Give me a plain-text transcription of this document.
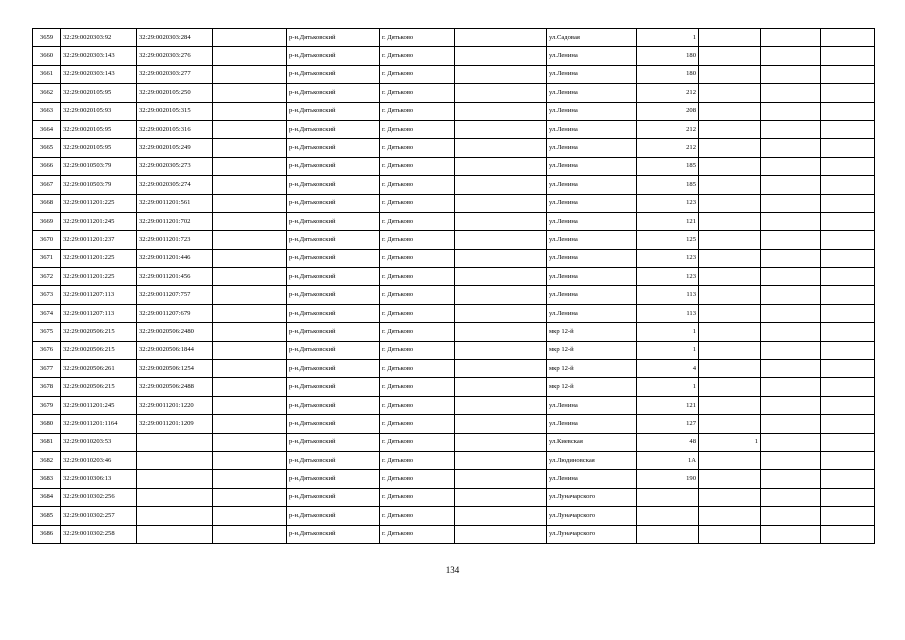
3659	32:29:0020303:92	32:29:0020303:284		р-н.Дятьковский	г. Дятьково		ул.Садовая	1			
3660	32:29:0020303:143	32:29:0020303:276		р-н.Дятьковский	г. Дятьково		ул.Ленина	180			
3661	32:29:0020303:143	32:29:0020303:277		р-н.Дятьковский	г. Дятьково		ул.Ленина	180			
3662	32:29:0020105:95	32:29:0020105:250		р-н.Дятьковский	г. Дятьково		ул.Ленина	212			
3663	32:29:0020105:93	32:29:0020105:315		р-н.Дятьковский	г. Дятьково		ул.Ленина	208			
3664	32:29:0020105:95	32:29:0020105:316		р-н.Дятьковский	г. Дятьково		ул.Ленина	212			
3665	32:29:0020105:95	32:29:0020105:249		р-н.Дятьковский	г. Дятьково		ул.Ленина	212			
3666	32:29:0010503:79	32:29:0020305:273		р-н.Дятьковский	г. Дятьково		ул.Ленина	185			
3667	32:29:0010503:79	32:29:0020305:274		р-н.Дятьковский	г. Дятьково		ул.Ленина	185			
3668	32:29:0011201:225	32:29:0011201:561		р-н.Дятьковский	г. Дятьково		ул.Ленина	123			
3669	32:29:0011201:245	32:29:0011201:702		р-н.Дятьковский	г. Дятьково		ул.Ленина	121			
3670	32:29:0011201:237	32:29:0011201:723		р-н.Дятьковский	г. Дятьково		ул.Ленина	125			
3671	32:29:0011201:225	32:29:0011201:446		р-н.Дятьковский	г. Дятьково		ул.Ленина	123			
3672	32:29:0011201:225	32:29:0011201:456		р-н.Дятьковский	г. Дятьково		ул.Ленина	123			
3673	32:29:0011207:113	32:29:0011207:757		р-н.Дятьковский	г. Дятьково		ул.Ленина	113			
3674	32:29:0011207:113	32:29:0011207:679		р-н.Дятьковский	г. Дятьково		ул.Ленина	113			
3675	32:29:0020506:215	32:29:0020506:2480		р-н.Дятьковский	г. Дятьково		мкр 12-й	1			
3676	32:29:0020506:215	32:29:0020506:1844		р-н.Дятьковский	г. Дятьково		мкр 12-й	1			
3677	32:29:0020506:261	32:29:0020506:1254		р-н.Дятьковский	г. Дятьково		мкр 12-й	4			
3678	32:29:0020506:215	32:29:0020506:2488		р-н.Дятьковский	г. Дятьково		мкр 12-й	1			
3679	32:29:0011201:245	32:29:0011201:1220		р-н.Дятьковский	г. Дятьково		ул.Ленина	121			
3680	32:29:0011201:1164	32:29:0011201:1209		р-н.Дятьковский	г. Дятьково		ул.Ленина	127			
3681	32:29:0010203:53			р-н.Дятьковский	г. Дятьково		ул.Киевская	48	1		
3682	32:29:0010203:46			р-н.Дятьковский	г. Дятьково		ул.Людиновская	1А			
3683	32:29:0010306:13			р-н.Дятьковский	г. Дятьково		ул.Ленина	190			
3684	32:29:0010302:256			р-н.Дятьковский	г. Дятьково		ул.Луначарского				
3685	32:29:0010302:257			р-н.Дятьковский	г. Дятьково		ул.Луначарского				
3686	32:29:0010302:258			р-н.Дятьковский	г. Дятьково		ул.Луначарского				
134
